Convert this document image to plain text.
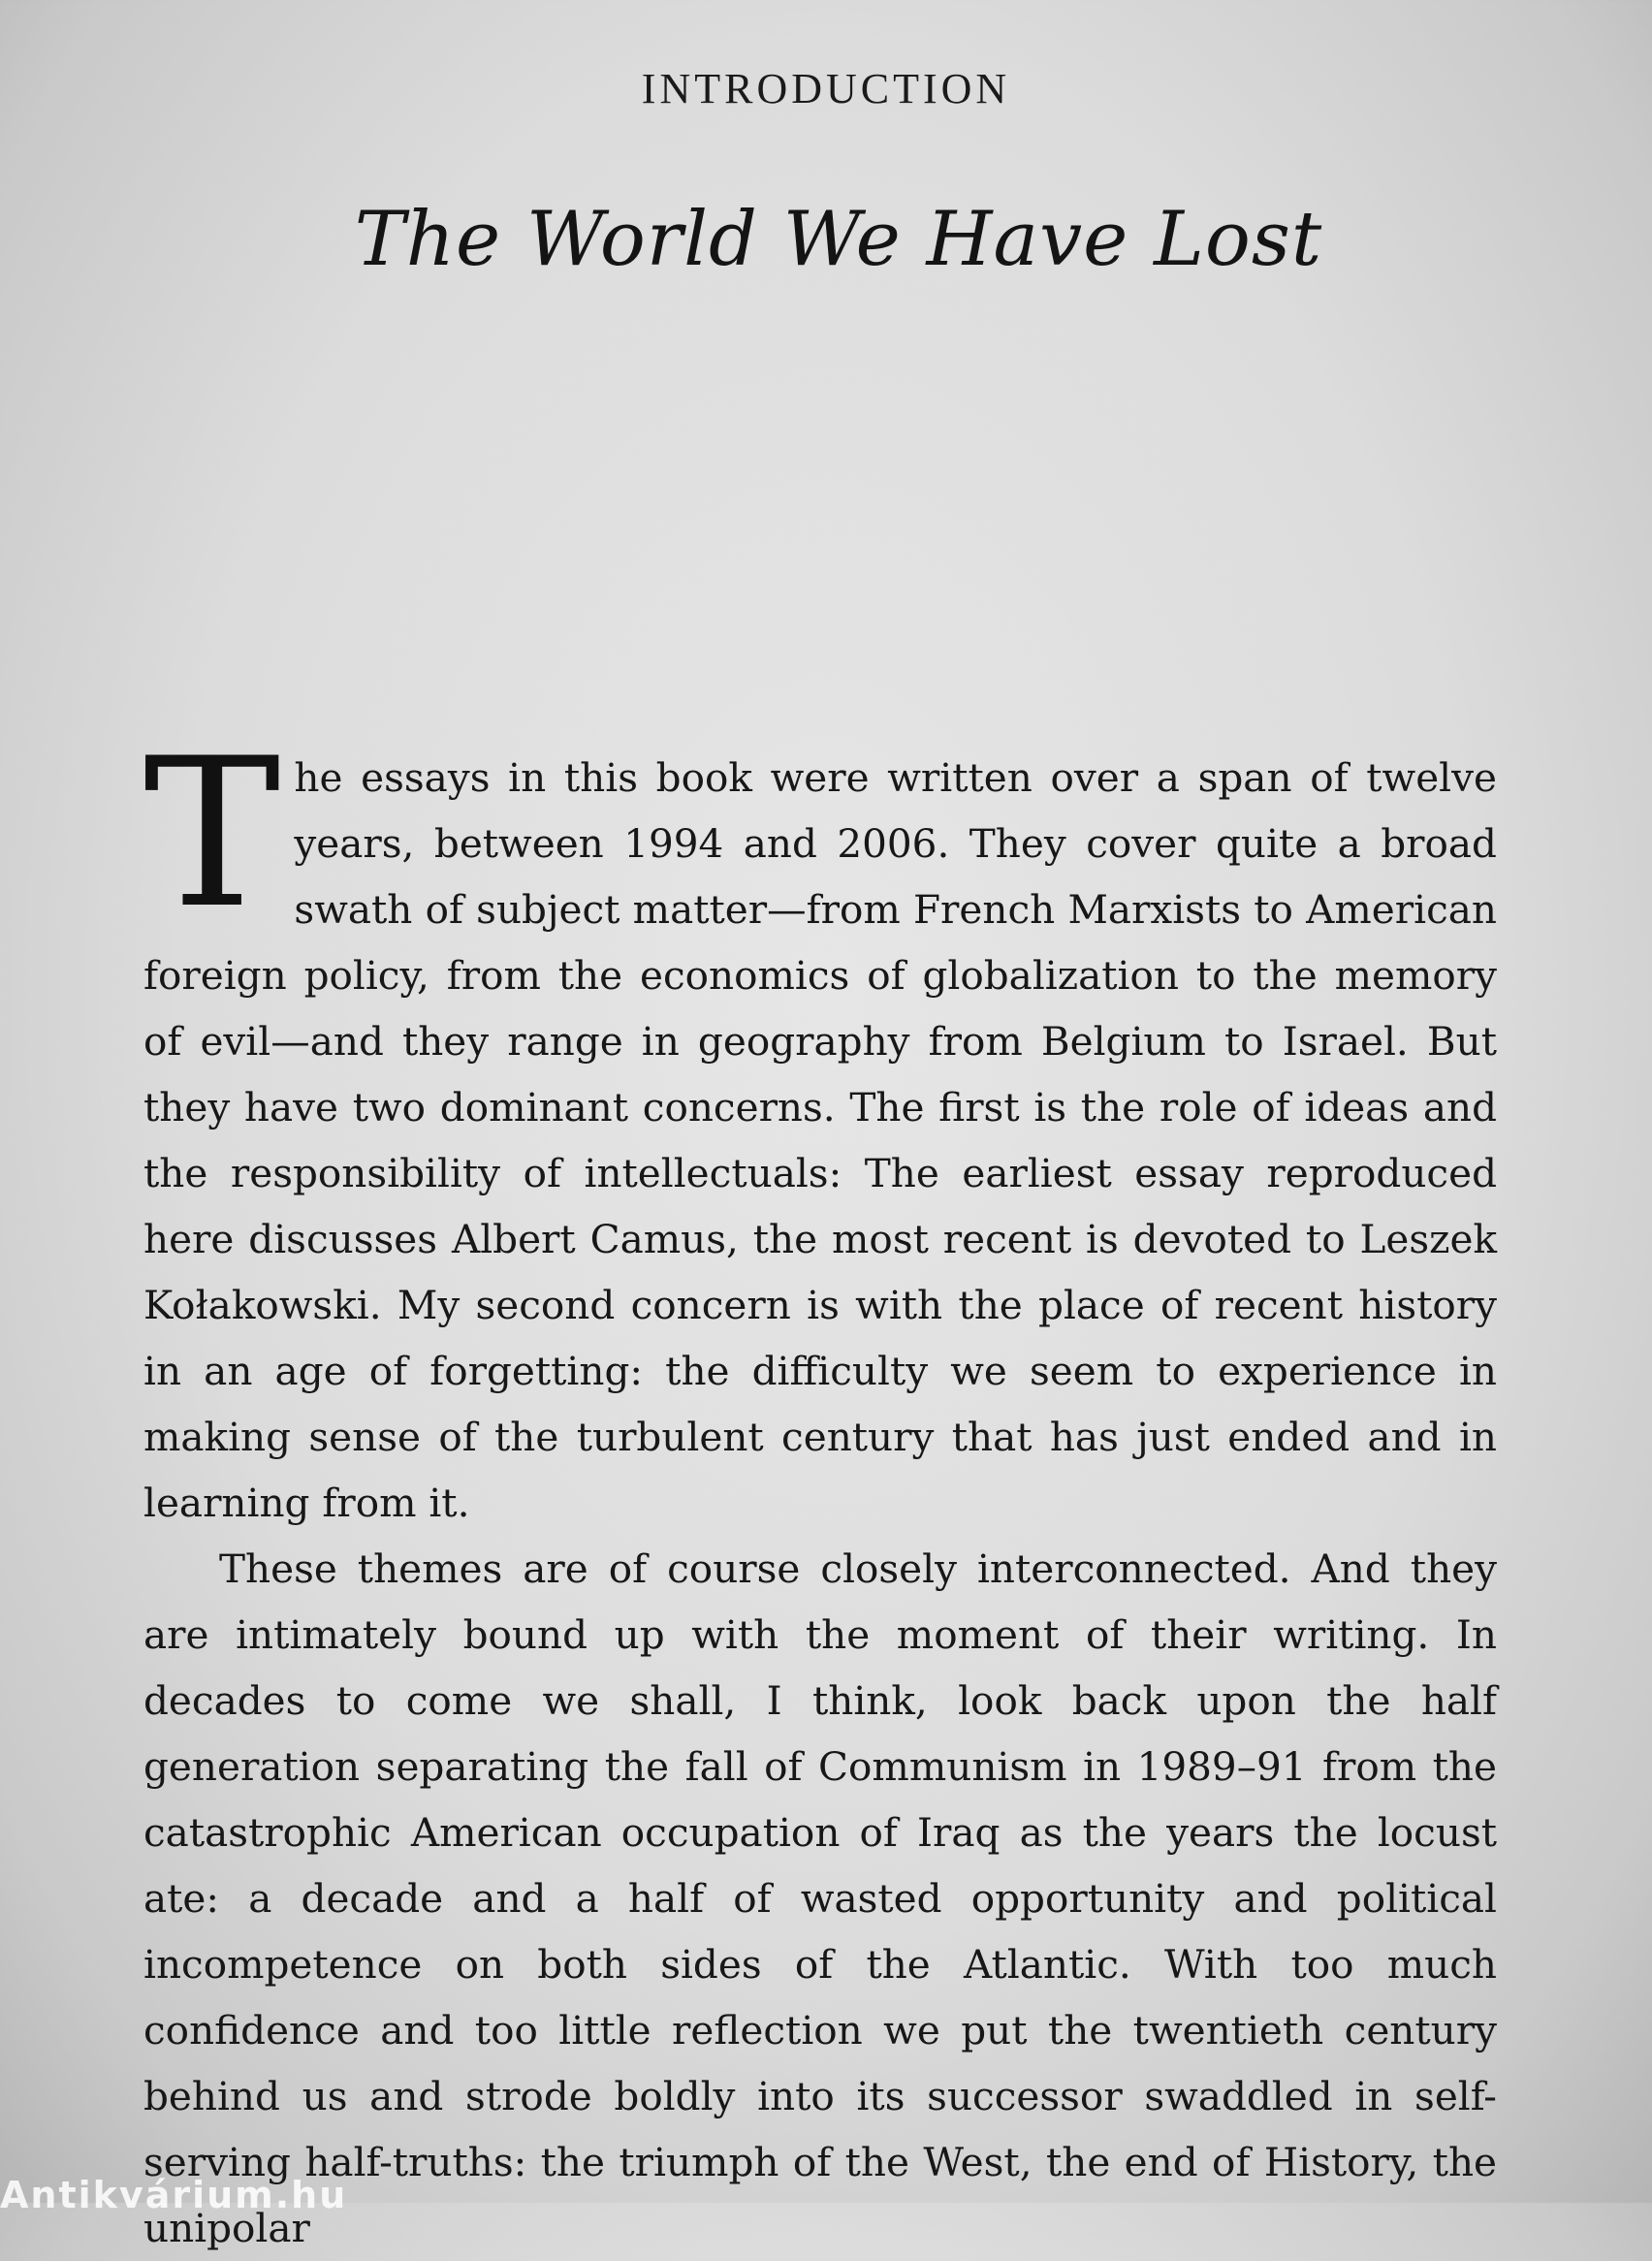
INTRODUCTION
The World We Have Lost

The essays in this book were written over a span of twelve years, between 1994 and 2006. They cover quite a broad swath of subject matter—from French Marxists to American foreign policy, from the economics of globalization to the memory of evil—and they range in geography from Belgium to Israel. But they have two dominant concerns. The first is the role of ideas and the responsibility of intellectuals: The earliest essay reproduced here discusses Albert Camus, the most recent is devoted to Leszek Kołakowski. My second concern is with the place of recent history in an age of forgetting: the difficulty we seem to experience in making sense of the turbulent century that has just ended and in learning from it.

These themes are of course closely interconnected. And they are intimately bound up with the moment of their writing. In decades to come we shall, I think, look back upon the half generation separating the fall of Communism in 1989–91 from the catastrophic American occupation of Iraq as the years the locust ate: a decade and a half of wasted opportunity and political incompetence on both sides of the Atlantic. With too much confidence and too little reflection we put the twentieth century behind us and strode boldly into its successor swaddled in self-serving half-truths: the triumph of the West, the end of History, the unipolar

Antikvárium.hu
